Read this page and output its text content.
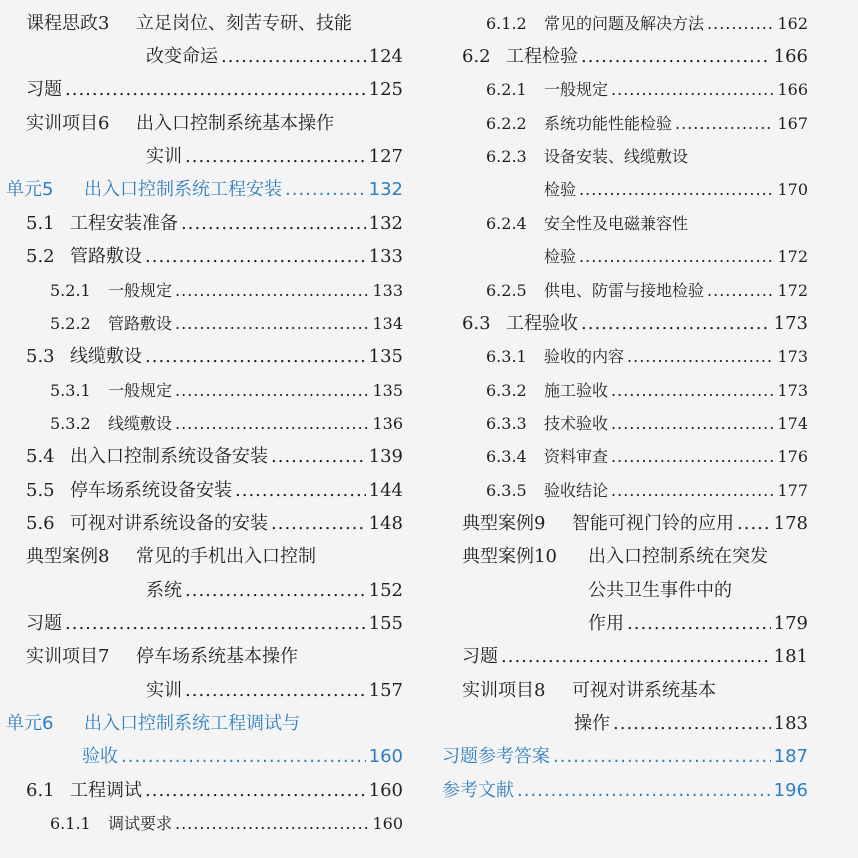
课程思政3	立足岗位、刻苦专研、技能
改变命运 .....	124
习题 .....	125
实训项目6	出入口控制系统基本操作
实训 .....	127
单元5	出入口控制系统工程安装 .....	132
5.1 工程安装准备 .....	132
5.2 管路敷设 .....	133
5.2.1	一般规定 .....	133
5.2.2	管路敷设 .....	134
5.3 线缆敷设 .....	135
5.3.1	一般规定 .....	135
5.3.2	线缆敷设 .....	136
5.4 出入口控制系统设备安装 .....	139
5.5 停车场系统设备安装 .....	144
5.6 可视对讲系统设备的安装 .....	148
典型案例8	常见的手机出入口控制
系统 .....	152
习题 .....	155
实训项目7	停车场系统基本操作
实训 .....	157
单元6	出入口控制系统工程调试与
验收 .....	160
6.1 工程调试 .....	160
6.1.1	调试要求 .....	160
6.1.2	常见的问题及解决方法 .....	162
6.2 工程检验 .....	166
6.2.1	一般规定 .....	166
6.2.2	系统功能性能检验 .....	167
6.2.3	设备安装、线缆敷设
检验 .....	170
6.2.4	安全性及电磁兼容性
检验 .....	172
6.2.5	供电、防雷与接地检验 .....	172
6.3 工程验收 .....	173
6.3.1	验收的内容 .....	173
6.3.2	施工验收 .....	173
6.3.3	技术验收 .....	174
6.3.4	资料审查 .....	176
6.3.5	验收结论 .....	177
典型案例9	智能可视门铃的应用 ..... 178
典型案例10	出入口控制系统在突发
公共卫生事件中的
作用 .....	179
习题 .....	181
实训项目8	可视对讲系统基本
操作 .....	183
习题参考答案 .....	187
参考文献 .....	196
